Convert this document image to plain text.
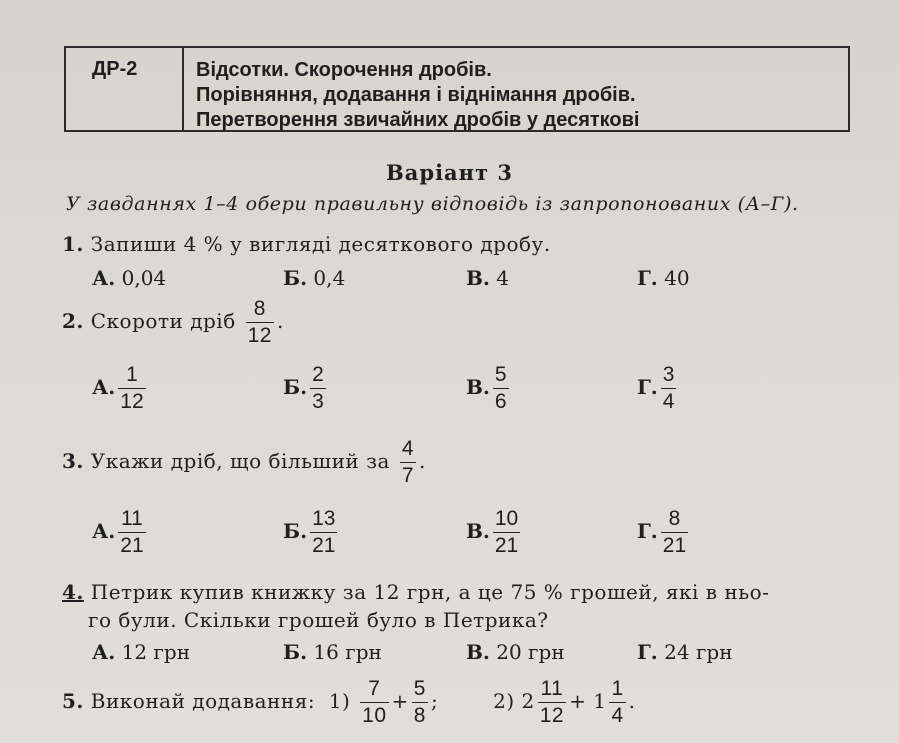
ДР-2	Відсотки. Скорочення дробів.
Порівняння, додавання і віднімання дробів.
Перетворення звичайних дробів у десяткові
Варіант 3
У завданнях 1–4 обери правильну відповідь із запропонованих (А–Г).
1. Запиши 4 % у вигляді десяткового дробу.
А. 0,04	Б. 0,4	В. 4	Г. 40
2. Скороти дріб $\frac{8}{12}$ .
А. $\frac{1}{12}$	Б. $\frac{2}{3}$	В. $\frac{5}{6}$	Г. $\frac{3}{4}$
3. Укажи дріб, що більший за $\frac{4}{7}$ .
А. $\frac{11}{21}$	Б. $\frac{13}{21}$	В. $\frac{10}{21}$	Г. $\frac{8}{21}$
4. Петрик купив книжку за 12 грн, а це 75 % грошей, які в ньо-
го були. Скільки грошей було в Петрика?
А. 12 грн	Б. 16 грн	В. 20 грн	Г. 24 грн
5. Виконай додавання: $1) \frac{7}{10} + \frac{5}{8}$ ;	2) $2 \frac{11}{12} + 1 \frac{1}{4}$ .
